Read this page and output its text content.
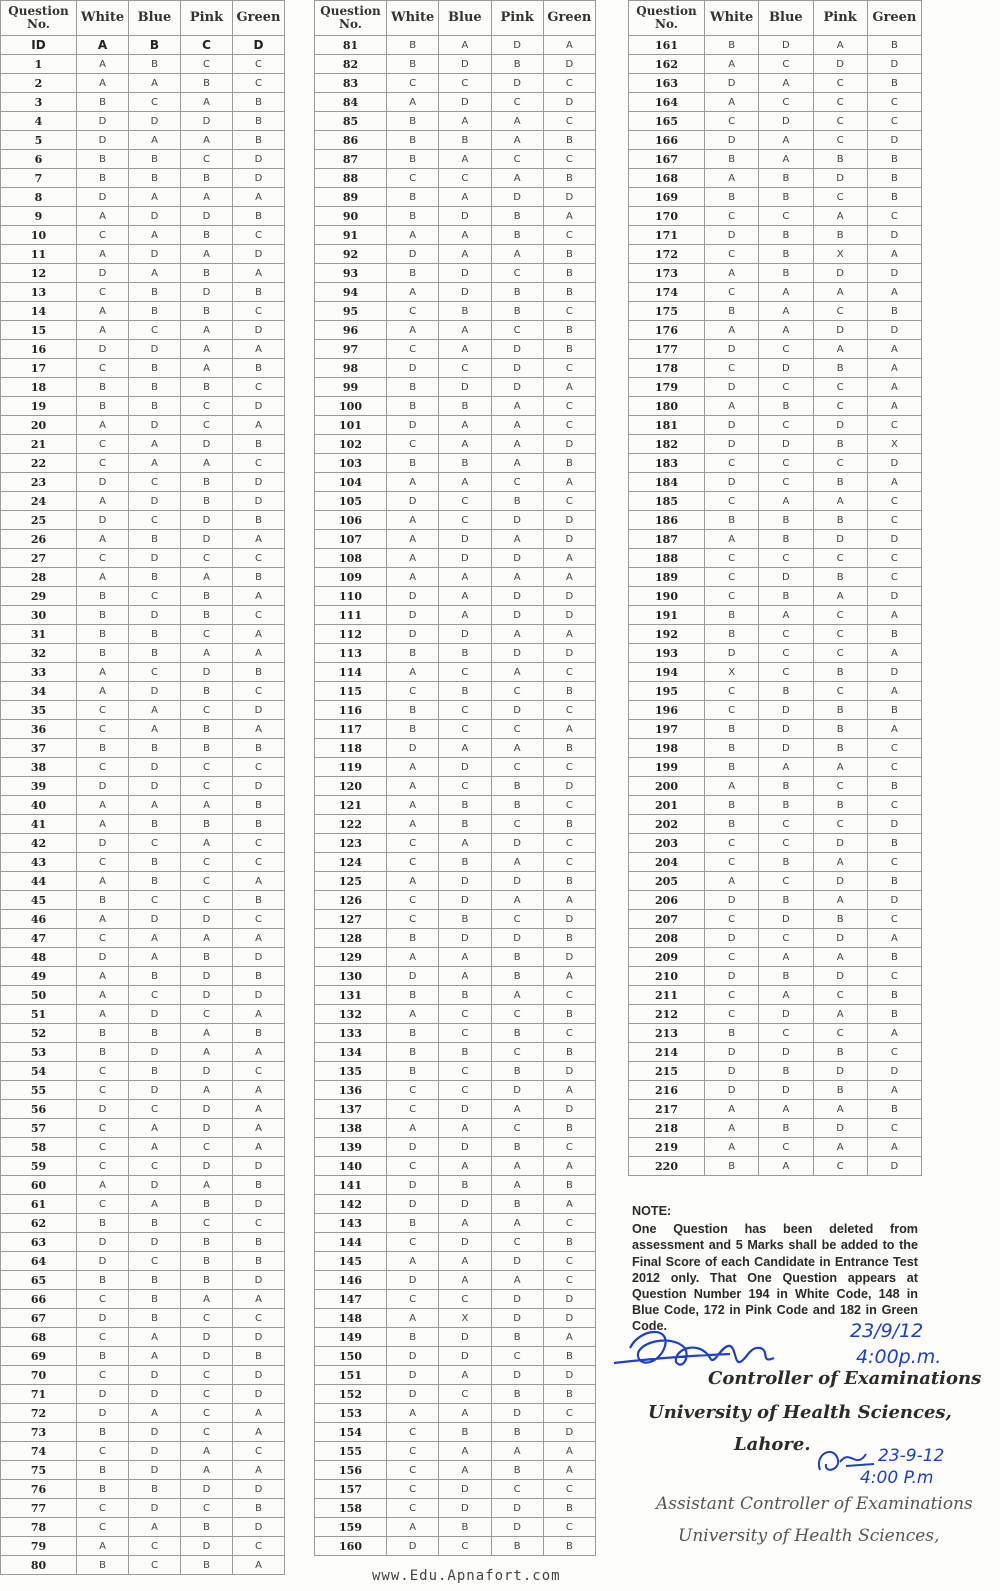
Question No.	White	Blue	Pink	Green
ID	A	B	C	D
1	A	B	C	C
2	A	A	B	C
3	B	C	A	B
4	D	D	D	B
5	D	A	A	B
6	B	B	C	D
7	B	B	B	D
8	D	A	A	A
9	A	D	D	B
10	C	A	B	C
11	A	D	A	D
12	D	A	B	A
13	C	B	D	B
14	A	B	B	C
15	A	C	A	D
16	D	D	A	A
17	C	B	A	B
18	B	B	B	C
19	B	B	C	D
20	A	D	C	A
21	C	A	D	B
22	C	A	A	C
23	D	C	B	D
24	A	D	B	D
25	D	C	D	B
26	A	B	D	A
27	C	D	C	C
28	A	B	A	B
29	B	C	B	A
30	B	D	B	C
31	B	B	C	A
32	B	B	A	A
33	A	C	D	B
34	A	D	B	C
35	C	A	C	D
36	C	A	B	A
37	B	B	B	B
38	C	D	C	C
39	D	D	C	D
40	A	A	A	B
41	A	B	B	B
42	D	C	A	C
43	C	B	C	C
44	A	B	C	A
45	B	C	C	B
46	A	D	D	C
47	C	A	A	A
48	D	A	B	D
49	A	B	D	B
50	A	C	D	D
51	A	D	C	A
52	B	B	A	B
53	B	D	A	A
54	C	B	D	C
55	C	D	A	A
56	D	C	D	A
57	C	A	D	A
58	C	A	C	A
59	C	C	D	D
60	A	D	A	B
61	C	A	B	D
62	B	B	C	C
63	D	D	B	B
64	D	C	B	B
65	B	B	B	D
66	C	B	A	A
67	D	B	C	C
68	C	A	D	D
69	B	A	D	B
70	C	D	C	D
71	D	D	C	D
72	D	A	C	A
73	B	D	C	A
74	C	D	A	C
75	B	D	A	A
76	B	B	D	D
77	C	D	C	B
78	C	A	B	D
79	A	C	D	C
80	B	C	B	A
Question No.	White	Blue	Pink	Green
81	B	A	D	A
82	B	D	B	D
83	C	C	D	C
84	A	D	C	D
85	B	A	A	C
86	B	B	A	B
87	B	A	C	C
88	C	C	A	B
89	B	A	D	D
90	B	D	B	A
91	A	A	B	C
92	D	A	A	B
93	B	D	C	B
94	A	D	B	B
95	C	B	B	C
96	A	A	C	B
97	C	A	D	B
98	D	C	D	C
99	B	D	D	A
100	B	B	A	C
101	D	A	A	C
102	C	A	A	D
103	B	B	A	B
104	A	A	C	A
105	D	C	B	C
106	A	C	D	D
107	A	D	A	D
108	A	D	D	A
109	A	A	A	A
110	D	A	D	D
111	D	A	D	D
112	D	D	A	A
113	B	B	D	D
114	A	C	A	C
115	C	B	C	B
116	B	C	D	C
117	B	C	C	A
118	D	A	A	B
119	A	D	C	C
120	A	C	B	D
121	A	B	B	C
122	A	B	C	B
123	C	A	D	C
124	C	B	A	C
125	A	D	D	B
126	C	D	A	A
127	C	B	C	D
128	B	D	D	B
129	A	A	B	D
130	D	A	B	A
131	B	B	A	C
132	A	C	C	B
133	B	C	B	C
134	B	B	C	B
135	B	C	B	D
136	C	C	D	A
137	C	D	A	D
138	A	A	C	B
139	D	D	B	C
140	C	A	A	A
141	D	B	A	B
142	D	D	B	A
143	B	A	A	C
144	C	D	C	B
145	A	A	D	C
146	D	A	A	C
147	C	C	D	D
148	A	X	D	D
149	B	D	B	A
150	D	D	C	B
151	D	A	D	D
152	D	C	B	B
153	A	A	D	C
154	C	B	B	D
155	C	A	A	A
156	C	A	B	A
157	C	D	C	C
158	C	D	D	B
159	A	B	D	C
160	D	C	B	B
Question No.	White	Blue	Pink	Green
161	B	D	A	B
162	A	C	D	D
163	D	A	C	B
164	A	C	C	C
165	C	D	C	C
166	D	A	C	D
167	B	A	B	B
168	A	B	D	B
169	B	B	C	B
170	C	C	A	C
171	D	B	B	D
172	C	B	X	A
173	A	B	D	D
174	C	A	A	A
175	B	A	C	B
176	A	A	D	D
177	D	C	A	A
178	C	D	B	A
179	D	C	C	A
180	A	B	C	A
181	D	C	D	C
182	D	D	B	X
183	C	C	C	D
184	D	C	B	A
185	C	A	A	C
186	B	B	B	C
187	A	B	D	D
188	C	C	C	C
189	C	D	B	C
190	C	B	A	D
191	B	A	C	A
192	B	C	C	B
193	D	C	C	A
194	X	C	B	D
195	C	B	C	A
196	C	D	B	B
197	B	D	B	A
198	B	D	B	C
199	B	A	A	C
200	A	B	C	B
201	B	B	B	C
202	B	C	C	D
203	C	C	D	B
204	C	B	A	C
205	A	C	D	B
206	D	B	A	D
207	C	D	B	C
208	D	C	D	A
209	C	A	A	B
210	D	B	D	C
211	C	A	C	B
212	C	D	A	B
213	B	C	C	A
214	D	D	B	C
215	D	B	D	D
216	D	D	B	A
217	A	A	A	B
218	A	B	D	C
219	A	C	A	A
220	B	A	C	D
NOTE:
One Question has been deleted from assessment and 5 Marks shall be added to the Final Score of each Candidate in Entrance Test 2012 only. That One Question appears at Question Number 194 in White Code, 148 in Blue Code, 172 in Pink Code and 182 in Green Code.	23/9/12
4:00p.m.
Controller of Examinations
University of Health Sciences,
Lahore.
23-9-12
4:00 P.m
Assistant Controller of Examinations
University of Health Sciences,
www.Edu.Apnafort.com
